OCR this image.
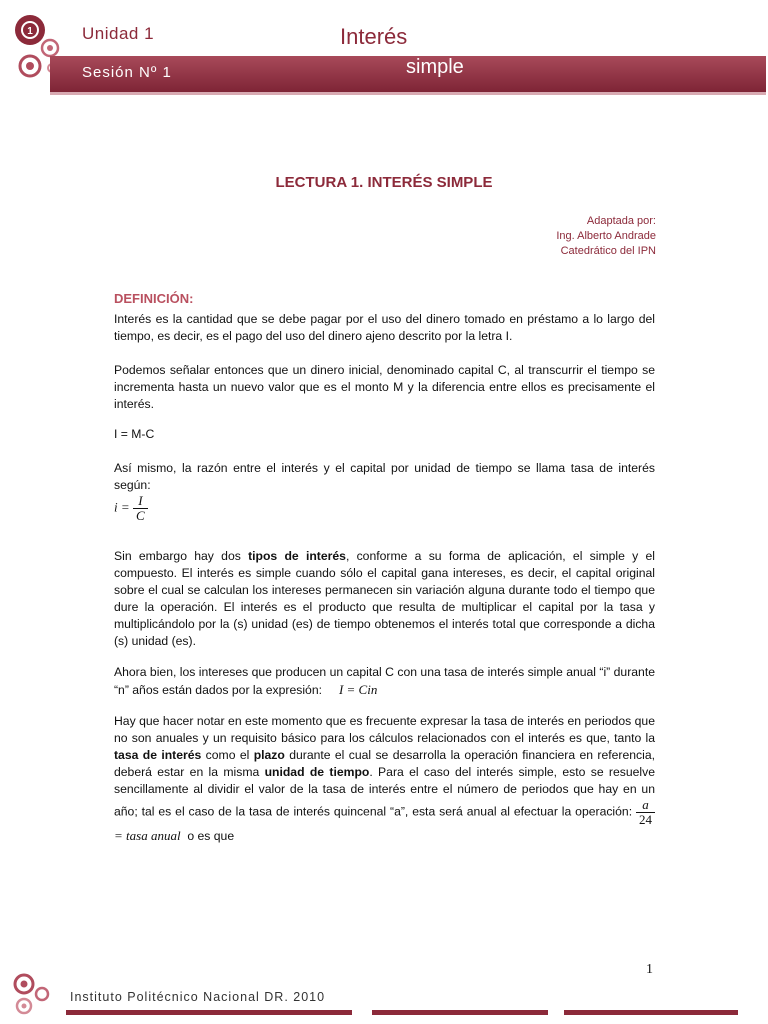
1	Unidad 1	Interés
Sesión Nº 1	simple
LECTURA 1. INTERÉS SIMPLE
Adaptada por:
Ing. Alberto Andrade
Catedrático del IPN
DEFINICIÓN:
Interés es la cantidad que se debe pagar por el uso del dinero tomado en préstamo a lo largo del tiempo, es decir, es el pago del uso del dinero ajeno descrito por la letra I.
Podemos señalar entonces que un dinero inicial, denominado capital C, al transcurrir el tiempo se incrementa hasta un nuevo valor que es el monto M y la diferencia entre ellos es precisamente el interés.
I = M-C
Así mismo, la razón entre el interés y el capital por unidad de tiempo se llama tasa de interés según:
$i = \frac{I}{C}$
Sin embargo hay dos tipos de interés, conforme a su forma de aplicación, el simple y el compuesto. El interés es simple cuando sólo el capital gana intereses, es decir, el capital original sobre el cual se calculan los intereses permanecen sin variación alguna durante todo el tiempo que dure la operación. El interés es el producto que resulta de multiplicar el capital por la tasa y multiplicándolo por la (s) unidad (es) de tiempo obtenemos el interés total que corresponde a dicha (s) unidad (es).
Ahora bien, los intereses que producen un capital C con una tasa de interés simple anual “i” durante “n” años están dados por la expresión: I = Cin
Hay que hacer notar en este momento que es frecuente expresar la tasa de interés en periodos que no son anuales y un requisito básico para los cálculos relacionados con el interés es que, tanto la tasa de interés como el plazo durante el cual se desarrolla la operación financiera en referencia, deberá estar en la misma unidad de tiempo. Para el caso del interés simple, esto se resuelve sencillamente al dividir el valor de la tasa de interés entre el número de periodos que hay en un año; tal es el caso de la tasa de interés quincenal “a”, esta será anual al efectuar la operación: $\frac{a}{24}$
= tasa anual o es que
1
Instituto Politécnico Nacional DR. 2010
